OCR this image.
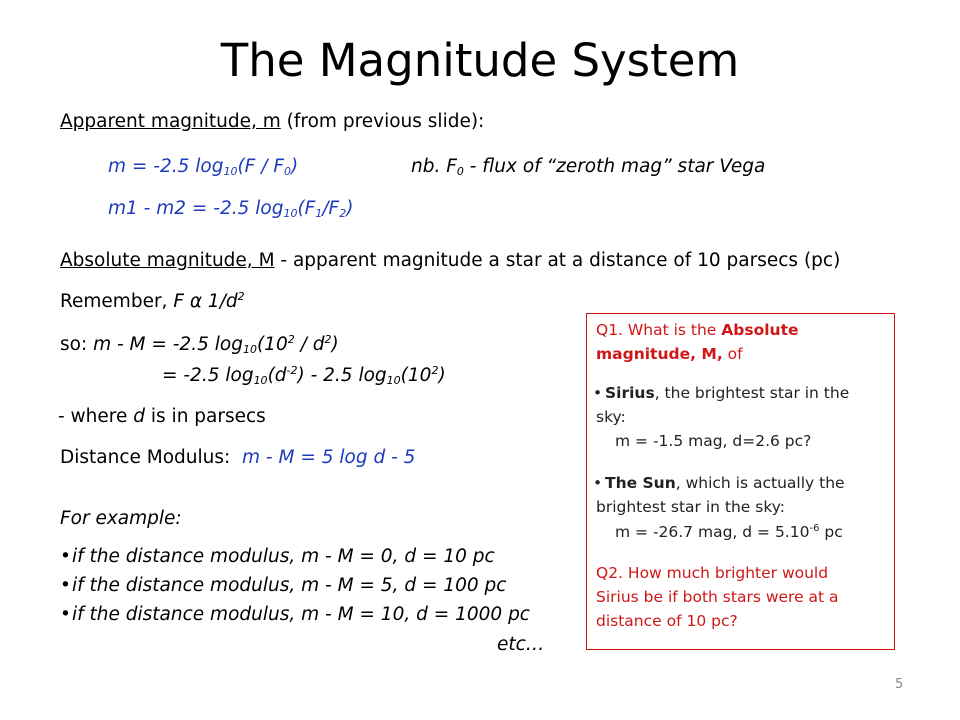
The Magnitude System
Apparent magnitude, m (from previous slide):
m = -2.5 $\log_{10}(F / F_0)$	nb. $F_0$ - flux of “zeroth mag” star Vega
m1 - m2 = -2.5 $\log_{10}(F_1/F_2)$
Absolute magnitude, M - apparent magnitude a star at a distance of 10 parsecs (pc)
Remember, F α $1/d^2$
so: m - M = -2.5 $\log_{10}(10^2 / d^2)$
= -2.5 $\log_{10}(d^{-2}) - 2.5$ $\log_{10}(10^2)$
- where d is in parsecs
Distance Modulus: m - M = 5 log d - 5
For example:
• if the distance modulus, m - M = 0, d = 10 pc
• if the distance modulus, m - M = 5, d = 100 pc
• if the distance modulus, m - M = 10, d = 1000 pc
etc…
Q1. What is the Absolute
magnitude, M, of
• Sirius, the brightest star in the
sky:
m = -1.5 mag, d=2.6 pc?
• The Sun, which is actually the
brightest star in the sky:
m = -26.7 mag, $d = 5.10^{-6}$ pc
Q2. How much brighter would
Sirius be if both stars were at a
distance of 10 pc?
5
